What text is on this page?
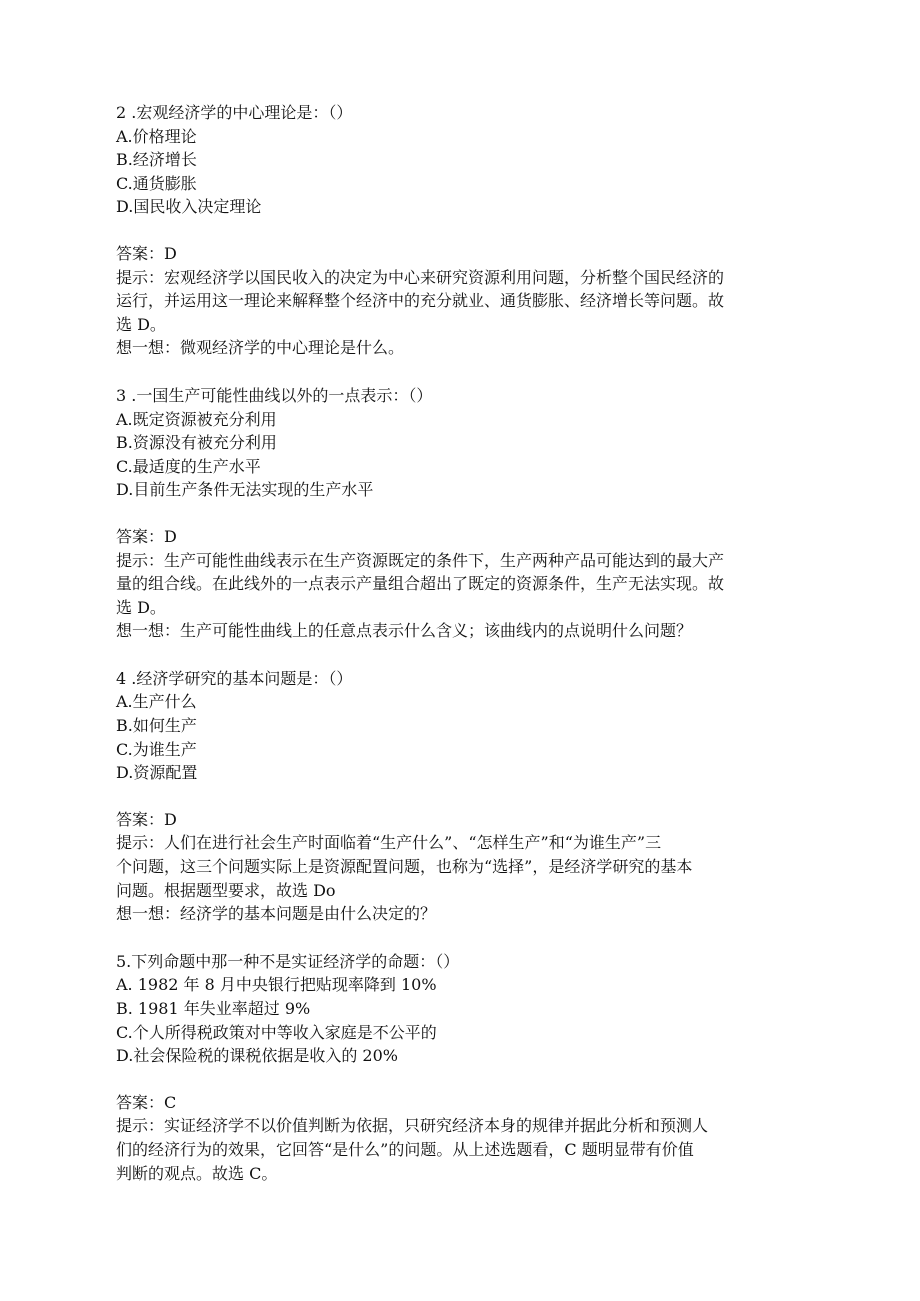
2 .宏观经济学的中心理论是：（）
A.价格理论
B.经济增长
C.通货膨胀
D.国民收入决定理论
答案：D
提示：宏观经济学以国民收入的决定为中心来研究资源利用问题，分析整个国民经济的
运行，并运用这一理论来解释整个经济中的充分就业、通货膨胀、经济增长等问题。故
选 D。
想一想：微观经济学的中心理论是什么。
3 .一国生产可能性曲线以外的一点表示：（）
A.既定资源被充分利用
B.资源没有被充分利用
C.最适度的生产水平
D.目前生产条件无法实现的生产水平
答案：D
提示：生产可能性曲线表示在生产资源既定的条件下，生产两种产品可能达到的最大产
量的组合线。在此线外的一点表示产量组合超出了既定的资源条件，生产无法实现。故
选 D。
想一想：生产可能性曲线上的任意点表示什么含义；该曲线内的点说明什么问题？
4 .经济学研究的基本问题是：（）
A.生产什么
B.如何生产
C.为谁生产
D.资源配置
答案：D
提示：人们在进行社会生产时面临着“生产什么”、“怎样生产”和“为谁生产”三
个问题，这三个问题实际上是资源配置问题，也称为“选择”，是经济学研究的基本
问题。根据题型要求，故选 Do
想一想：经济学的基本问题是由什么决定的？
5.下列命题中那一种不是实证经济学的命题：（）
A. 1982 年 8 月中央银行把贴现率降到 10%
B. 1981 年失业率超过 9%
C.个人所得税政策对中等收入家庭是不公平的
D.社会保险税的课税依据是收入的 20%
答案：C
提示：实证经济学不以价值判断为依据，只研究经济本身的规律并据此分析和预测人
们的经济行为的效果，它回答“是什么”的问题。从上述选题看，C 题明显带有价值
判断的观点。故选 C。
